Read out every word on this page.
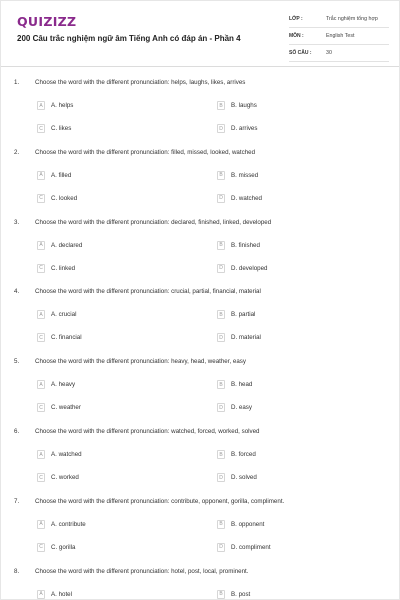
QUIZIZZ
200 Câu trắc nghiệm ngữ âm Tiếng Anh có đáp án - Phần 4
LỚP :	Trắc nghiệm tổng hợp
MÔN :	English Test
SỐ CÂU :	30
1.	Choose the word with the different pronunciation: helps, laughs, likes, arrives
A	A. helps	B	B. laughs
C	C. likes	D	D. arrives
2.	Choose the word with the different pronunciation: filled, missed, looked, watched
A	A. filled	B	B. missed
C	C. looked	D	D. watched
3.	Choose the word with the different pronunciation: declared, finished, linked, developed
A	A. declared	B	B. finished
C	C. linked	D	D. developed
4.	Choose the word with the different pronunciation: crucial, partial, financial, material
A	A. crucial	B	B. partial
C	C. financial	D	D. material
5.	Choose the word with the different pronunciation: heavy, head, weather, easy
A	A. heavy	B	B. head
C	C. weather	D	D. easy
6.	Choose the word with the different pronunciation: watched, forced, worked, solved
A	A. watched	B	B. forced
C	C. worked	D	D. solved
7.	Choose the word with the different pronunciation: contribute, opponent, gorilla, compliment.
A	A. contribute	B	B. opponent
C	C. gorilla	D	D. compliment
8.	Choose the word with the different pronunciation: hotel, post, local, prominent.
A	A. hotel	B	B. post
